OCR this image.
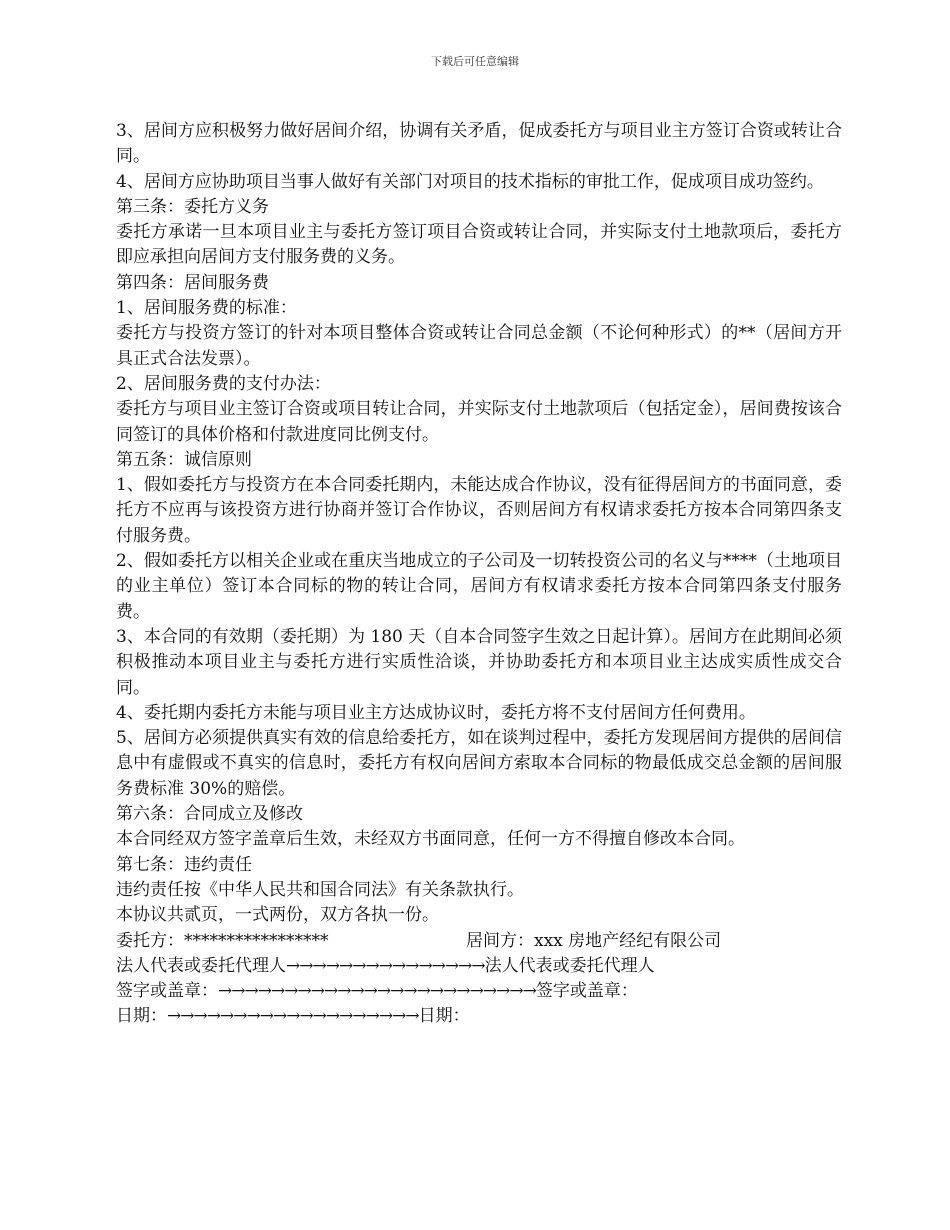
下载后可任意编辑

3、居间方应积极努力做好居间介绍，协调有关矛盾，促成委托方与项目业主方签订合资或转让合同。

4、居间方应协助项目当事人做好有关部门对项目的技术指标的审批工作，促成项目成功签约。

第三条：委托方义务

委托方承诺一旦本项目业主与委托方签订项目合资或转让合同，并实际支付土地款项后，委托方即应承担向居间方支付服务费的义务。

第四条：居间服务费

1、居间服务费的标准：

委托方与投资方签订的针对本项目整体合资或转让合同总金额（不论何种形式）的**（居间方开具正式合法发票）。

2、居间服务费的支付办法：

委托方与项目业主签订合资或项目转让合同，并实际支付土地款项后（包括定金），居间费按该合同签订的具体价格和付款进度同比例支付。

第五条：诚信原则

1、假如委托方与投资方在本合同委托期内，未能达成合作协议，没有征得居间方的书面同意，委托方不应再与该投资方进行协商并签订合作协议，否则居间方有权请求委托方按本合同第四条支付服务费。

2、假如委托方以相关企业或在重庆当地成立的子公司及一切转投资公司的名义与****（土地项目的业主单位）签订本合同标的物的转让合同，居间方有权请求委托方按本合同第四条支付服务费。

3、本合同的有效期（委托期）为 180 天（自本合同签字生效之日起计算）。居间方在此期间必须积极推动本项目业主与委托方进行实质性洽谈，并协助委托方和本项目业主达成实质性成交合同。

4、委托期内委托方未能与项目业主方达成协议时，委托方将不支付居间方任何费用。

5、居间方必须提供真实有效的信息给委托方，如在谈判过程中，委托方发现居间方提供的居间信息中有虚假或不真实的信息时，委托方有权向居间方索取本合同标的物最低成交总金额的居间服务费标准 30%的赔偿。

第六条：合同成立及修改

本合同经双方签字盖章后生效，未经双方书面同意，任何一方不得擅自修改本合同。

第七条：违约责任

违约责任按《中华人民共和国合同法》有关条款执行。

本协议共贰页，一式两份，双方各执一份。

委托方：*****************	居间方：xxx 房地产经纪有限公司
法人代表或委托代理人 →→→→→→→→→→→→→→→ 法人代表或委托代理人
签字或盖章： →→→→→→→→→→→→→→→→→→→→→→→→ 签字或盖章：
日期： →→→→→→→→→→→→→→→→→→→ 日期：
